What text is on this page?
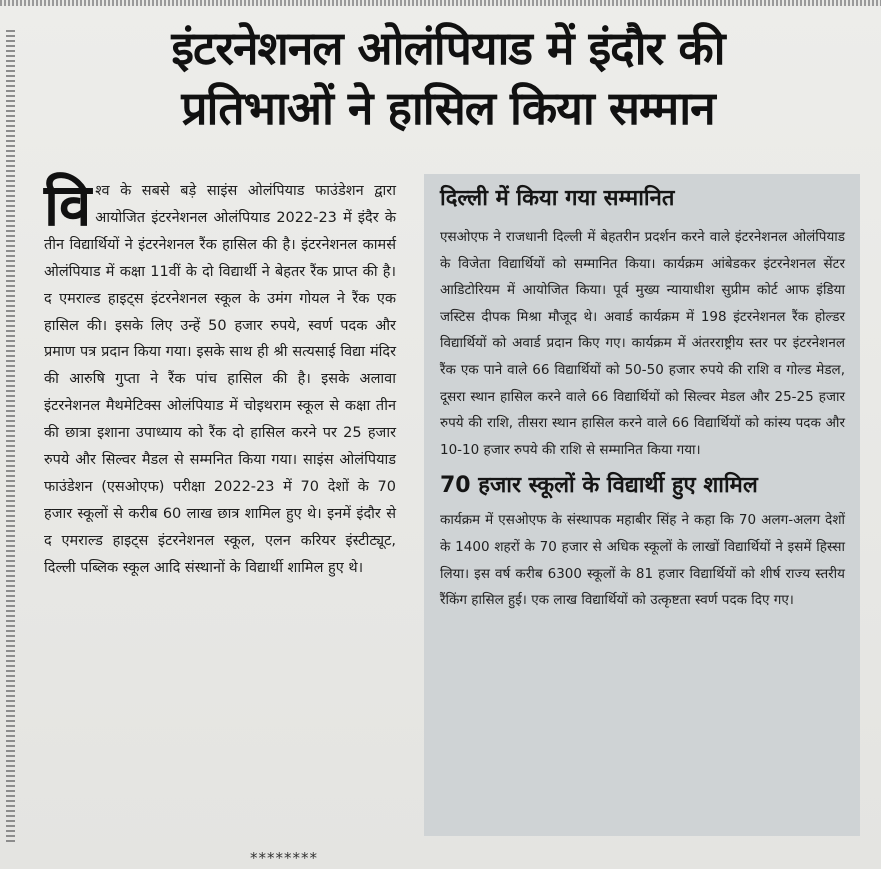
इंटरनेशनल ओलंपियाड में इंदौर की
प्रतिभाओं ने हासिल किया सम्मान
वि श्व के सबसे बड़े साइंस ओलंपियाड फाउंडेशन द्वारा आयोजित इंटरनेशनल ओलंपियाड 2022-23 में इंदैर के तीन विद्यार्थियों ने इंटरनेशनल रैंक हासिल की है। इंटरनेशनल कामर्स ओलंपियाड में कक्षा 11वीं के दो विद्यार्थी ने बेहतर रैंक प्राप्त की है। द एमराल्ड हाइट्स इंटरनेशनल स्कूल के उमंग गोयल ने रैंक एक हासिल की। इसके लिए उन्हें 50 हजार रुपये, स्वर्ण पदक और प्रमाण पत्र प्रदान किया गया। इसके साथ ही श्री सत्यसाई विद्या मंदिर की आरुषि गुप्ता ने रैंक पांच हासिल की है। इसके अलावा इंटरनेशनल मैथमेटिक्स ओलंपियाड में चोइथराम स्कूल से कक्षा तीन की छात्रा इशाना उपाध्याय को रैंक दो हासिल करने पर 25 हजार रुपये और सिल्वर मैडल से सम्मनित किया गया। साइंस ओलंपियाड फाउंडेशन (एसओएफ) परीक्षा 2022-23 में 70 देशों के 70 हजार स्कूलों से करीब 60 लाख छात्र शामिल हुए थे। इनमें इंदौर से द एमराल्ड हाइट्स इंटरनेशनल स्कूल, एलन करियर इंस्टीट्यूट, दिल्ली पब्लिक स्कूल आदि संस्थानों के विद्यार्थी शामिल हुए थे।
********
दिल्ली में किया गया सम्मानित

एसओएफ ने राजधानी दिल्ली में बेहतरीन प्रदर्शन करने वाले इंटरनेशनल ओलंपियाड के विजेता विद्यार्थियों को सम्मानित किया। कार्यक्रम आंबेडकर इंटरनेशनल सेंटर आडिटोरियम में आयोजित किया। पूर्व मुख्य न्यायाधीश सुप्रीम कोर्ट आफ इंडिया जस्टिस दीपक मिश्रा मौजूद थे। अवार्ड कार्यक्रम में 198 इंटरनेशनल रैंक होल्डर विद्यार्थियों को अवार्ड प्रदान किए गए। कार्यक्रम में अंतरराष्ट्रीय स्तर पर इंटरनेशनल रैंक एक पाने वाले 66 विद्यार्थियों को 50-50 हजार रुपये की राशि व गोल्ड मेडल, दूसरा स्थान हासिल करने वाले 66 विद्यार्थियों को सिल्वर मेडल और 25-25 हजार रुपये की राशि, तीसरा स्थान हासिल करने वाले 66 विद्यार्थियों को कांस्य पदक और 10-10 हजार रुपये की राशि से सम्मानित किया गया।

70 हजार स्कूलों के विद्यार्थी हुए शामिल

कार्यक्रम में एसओएफ के संस्थापक महाबीर सिंह ने कहा कि 70 अलग-अलग देशों के 1400 शहरों के 70 हजार से अधिक स्कूलों के लाखों विद्यार्थियों ने इसमें हिस्सा लिया। इस वर्ष करीब 6300 स्कूलों के 81 हजार विद्यार्थियों को शीर्ष राज्य स्तरीय रैंकिंग हासिल हुई। एक लाख विद्यार्थियों को उत्कृष्टता स्वर्ण पदक दिए गए।
